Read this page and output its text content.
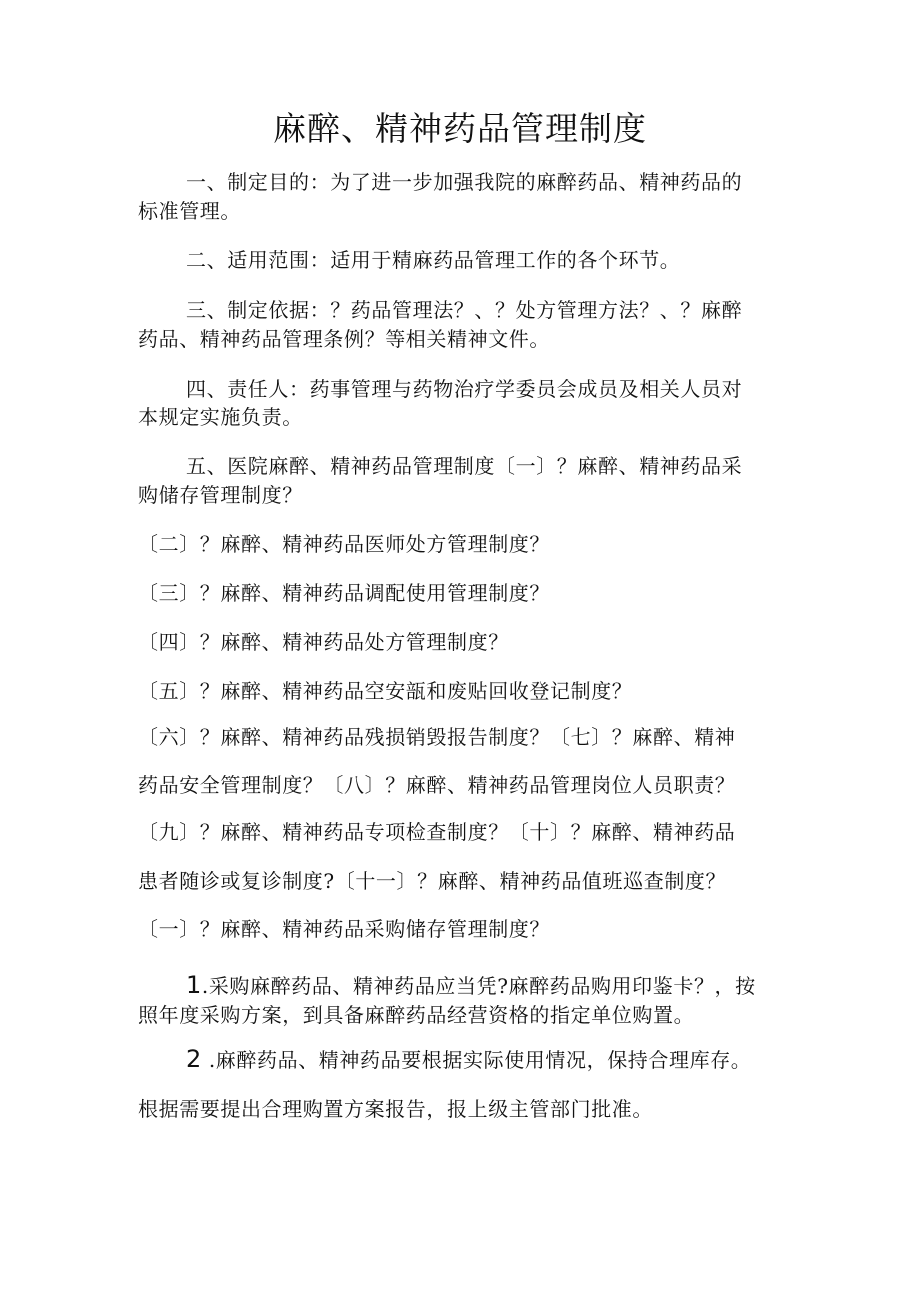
麻醉、精神药品管理制度
一、制定目的：为了进一步加强我院的麻醉药品、精神药品的
标准管理。
二、适用范围：适用于精麻药品管理工作的各个环节。
三、制定依据：？药品管理法？、？处方管理方法？、？麻醉
药品、精神药品管理条例？等相关精神文件。
四、责任人：药事管理与药物治疗学委员会成员及相关人员对
本规定实施负责。
五、医院麻醉、精神药品管理制度〔一〕？麻醉、精神药品采
购储存管理制度？
〔二〕？麻醉、精神药品医师处方管理制度？
〔三〕？麻醉、精神药品调配使用管理制度？
〔四〕？麻醉、精神药品处方管理制度？
〔五〕？麻醉、精神药品空安瓿和废贴回收登记制度？
〔六〕？麻醉、精神药品残损销毁报告制度？〔七〕？麻醉、精神
药品安全管理制度？〔八〕？麻醉、精神药品管理岗位人员职责？
〔九〕？麻醉、精神药品专项检查制度？〔十〕？麻醉、精神药品
患者随诊或复诊制度?〔十一〕？麻醉、精神药品值班巡查制度？
〔一〕？麻醉、精神药品采购储存管理制度？
1.采购麻醉药品、精神药品应当凭?麻醉药品购用印鉴卡？，按
照年度采购方案，到具备麻醉药品经营资格的指定单位购置。
2 .麻醉药品、精神药品要根据实际使用情况，保持合理库存。
根据需要提出合理购置方案报告，报上级主管部门批准。
